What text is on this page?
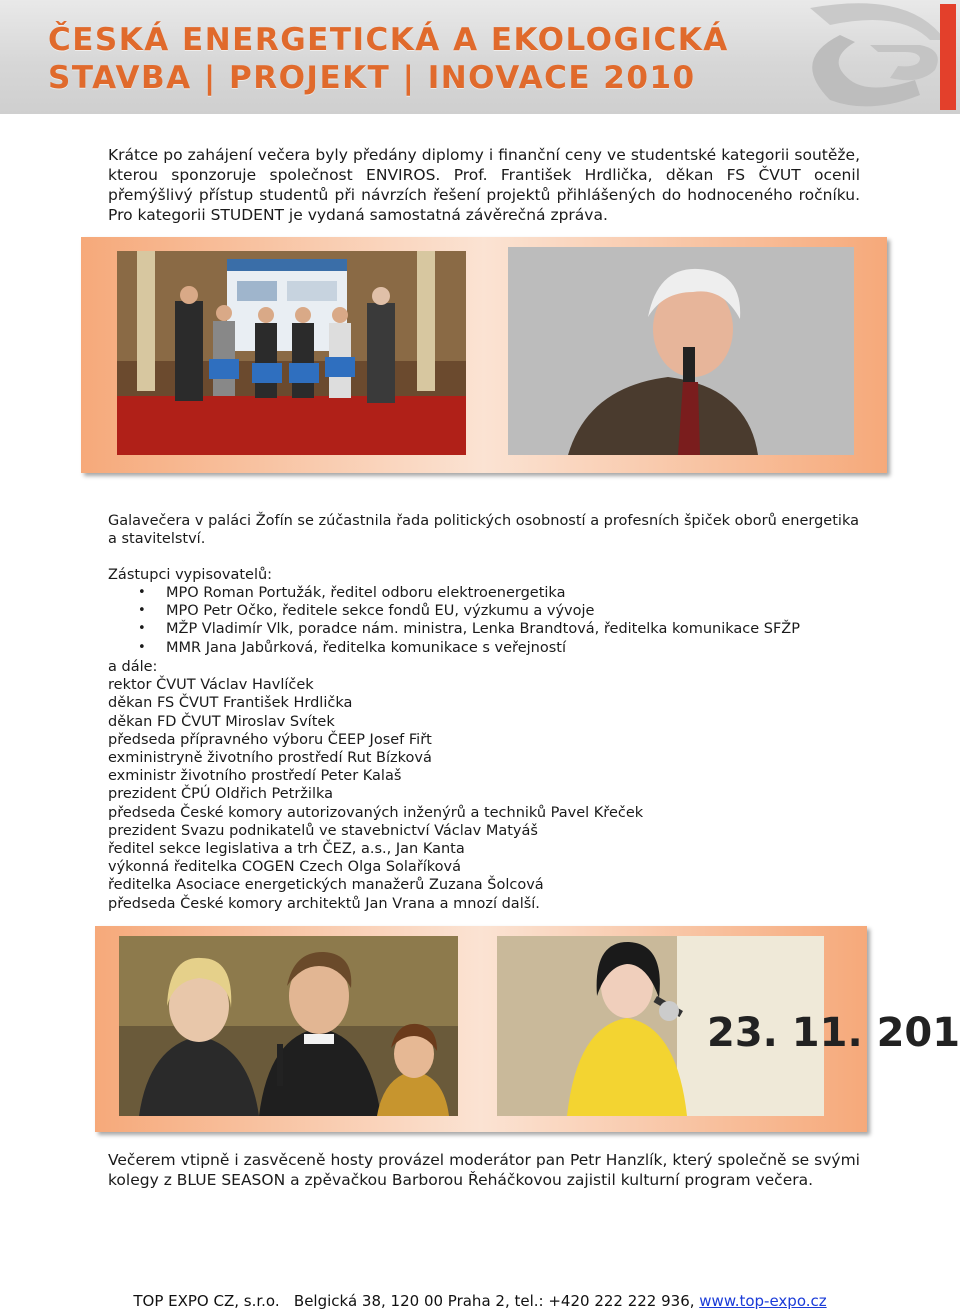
ČESKÁ ENERGETICKÁ A EKOLOGICKÁ
STAVBA | PROJEKT | INOVACE 2010
Krátce po zahájení večera byly předány diplomy i finanční ceny ve studentské kategorii soutěže, kterou sponzoruje společnost ENVIROS. Prof. František Hrdlička, děkan FS ČVUT ocenil přemýšlivý přístup studentů při návrzích řešení projektů přihlášených do hodnoceného ročníku. Pro kategorii STUDENT je vydaná samostatná závěrečná zpráva.
Galavečera v paláci Žofín se zúčastnila řada politických osobností a profesních špiček oborů energetika a stavitelství.
Zástupci vypisovatelů:
• MPO Roman Portužák, ředitel odboru elektroenergetika
• MPO Petr Očko, ředitele sekce fondů EU, výzkumu a vývoje
• MŽP Vladimír Vlk, poradce nám. ministra, Lenka Brandtová, ředitelka komunikace SFŽP
• MMR Jana Jabůrková, ředitelka komunikace s veřejností
a dále:
rektor ČVUT Václav Havlíček
děkan FS ČVUT František Hrdlička
děkan FD ČVUT Miroslav Svítek
předseda přípravného výboru ČEEP Josef Fiřt
exministryně životního prostředí Rut Bízková
exministr životního prostředí Peter Kalaš
prezident ČPÚ Oldřich Petržilka
předseda České komory autorizovaných inženýrů a techniků Pavel Křeček
prezident Svazu podnikatelů ve stavebnictví Václav Matyáš
ředitel sekce legislativa a trh ČEZ, a.s., Jan Kanta
výkonná ředitelka COGEN Czech Olga Solaříková
ředitelka Asociace energetických manažerů Zuzana Šolcová
předseda České komory architektů Jan Vrana a mnozí další.
23. 11. 201
Večerem vtipně i zasvěceně hosty provázel moderátor pan Petr Hanzlík, který společně se svými kolegy z BLUE SEASON a zpěvačkou Barborou Řeháčkovou zajistil kulturní program večera.
TOP EXPO CZ, s.r.o.   Belgická 38, 120 00 Praha 2, tel.: +420 222 222 936, www.top-expo.cz
